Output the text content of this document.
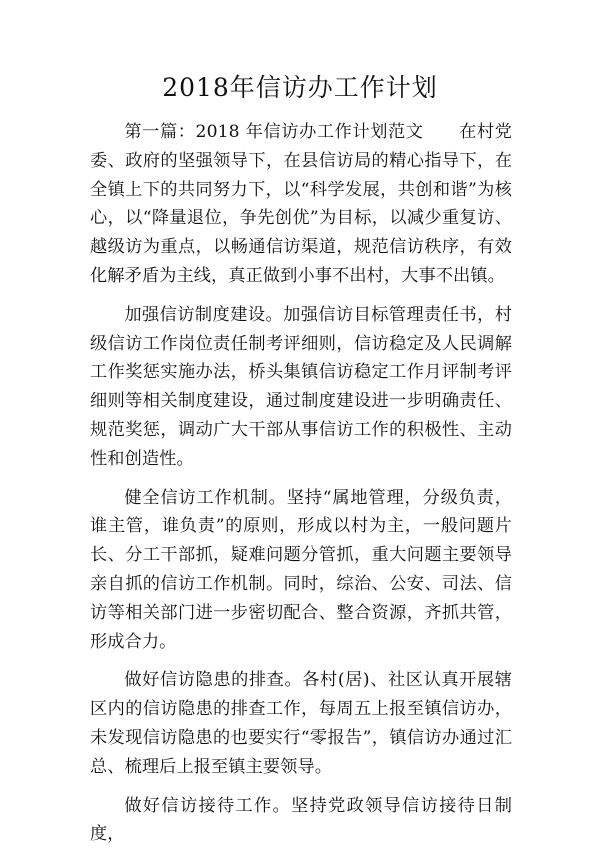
2018年信访办工作计划

第一篇：2018 年信访办工作计划范文　　在村党委、政府的坚强领导下，在县信访局的精心指导下，在全镇上下的共同努力下，以“科学发展，共创和谐”为核心，以“降量退位，争先创优”为目标，以减少重复访、越级访为重点，以畅通信访渠道，规范信访秩序，有效化解矛盾为主线，真正做到小事不出村，大事不出镇。

加强信访制度建设。加强信访目标管理责任书，村级信访工作岗位责任制考评细则，信访稳定及人民调解工作奖惩实施办法，桥头集镇信访稳定工作月评制考评细则等相关制度建设，通过制度建设进一步明确责任、规范奖惩，调动广大干部从事信访工作的积极性、主动性和创造性。

健全信访工作机制。坚持“属地管理，分级负责，谁主管，谁负责”的原则，形成以村为主，一般问题片长、分工干部抓，疑难问题分管抓，重大问题主要领导亲自抓的信访工作机制。同时，综治、公安、司法、信访等相关部门进一步密切配合、整合资源，齐抓共管，形成合力。

做好信访隐患的排查。各村(居)、社区认真开展辖区内的信访隐患的排查工作，每周五上报至镇信访办，未发现信访隐患的也要实行“零报告”，镇信访办通过汇总、梳理后上报至镇主要领导。

做好信访接待工作。坚持党政领导信访接待日制度，
